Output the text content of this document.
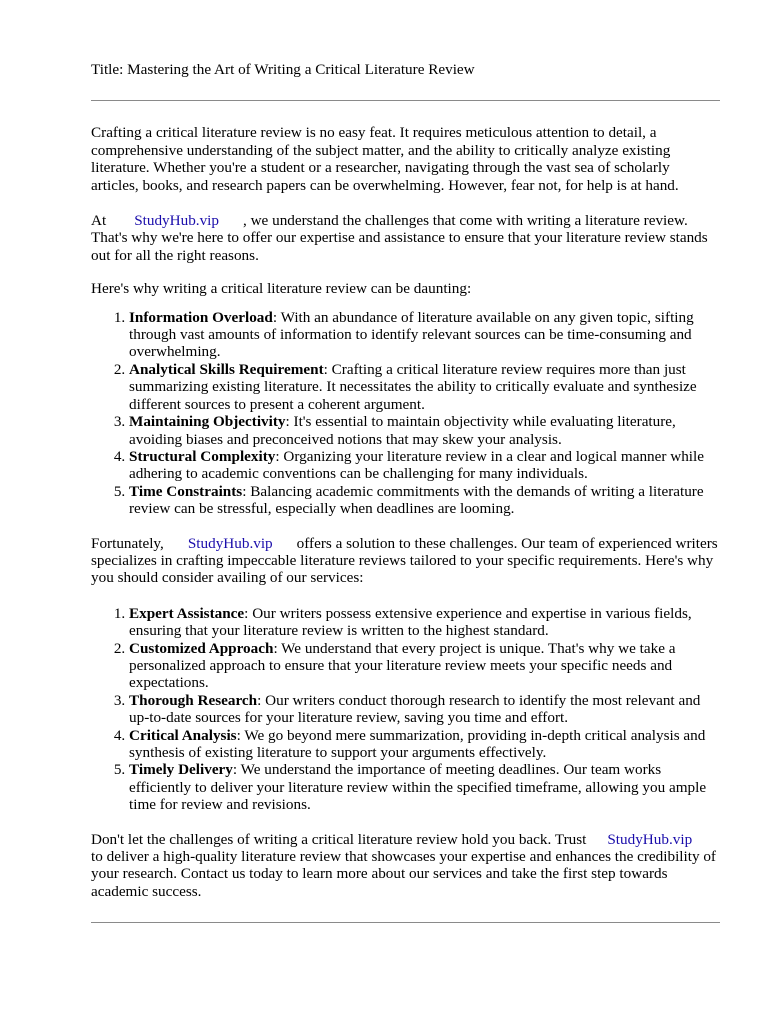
Title: Mastering the Art of Writing a Critical Literature Review

Crafting a critical literature review is no easy feat. It requires meticulous attention to detail, a comprehensive understanding of the subject matter, and the ability to critically analyze existing literature. Whether you're a student or a researcher, navigating through the vast sea of scholarly articles, books, and research papers can be overwhelming. However, fear not, for help is at hand.

At StudyHub.vip , we understand the challenges that come with writing a literature review. That's why we're here to offer our expertise and assistance to ensure that your literature review stands out for all the right reasons.

Here's why writing a critical literature review can be daunting:

1. Information Overload: With an abundance of literature available on any given topic, sifting through vast amounts of information to identify relevant sources can be time-consuming and overwhelming.
2. Analytical Skills Requirement: Crafting a critical literature review requires more than just summarizing existing literature. It necessitates the ability to critically evaluate and synthesize different sources to present a coherent argument.
3. Maintaining Objectivity: It's essential to maintain objectivity while evaluating literature, avoiding biases and preconceived notions that may skew your analysis.
4. Structural Complexity: Organizing your literature review in a clear and logical manner while adhering to academic conventions can be challenging for many individuals.
5. Time Constraints: Balancing academic commitments with the demands of writing a literature review can be stressful, especially when deadlines are looming.

Fortunately, StudyHub.vip offers a solution to these challenges. Our team of experienced writers specializes in crafting impeccable literature reviews tailored to your specific requirements. Here's why you should consider availing of our services:

1. Expert Assistance: Our writers possess extensive experience and expertise in various fields, ensuring that your literature review is written to the highest standard.
2. Customized Approach: We understand that every project is unique. That's why we take a personalized approach to ensure that your literature review meets your specific needs and expectations.
3. Thorough Research: Our writers conduct thorough research to identify the most relevant and up-to-date sources for your literature review, saving you time and effort.
4. Critical Analysis: We go beyond mere summarization, providing in-depth critical analysis and synthesis of existing literature to support your arguments effectively.
5. Timely Delivery: We understand the importance of meeting deadlines. Our team works efficiently to deliver your literature review within the specified timeframe, allowing you ample time for review and revisions.

Don't let the challenges of writing a critical literature review hold you back. Trust StudyHub.vipto deliver a high-quality literature review that showcases your expertise and enhances the credibility of your research. Contact us today to learn more about our services and take the first step towards academic success.
